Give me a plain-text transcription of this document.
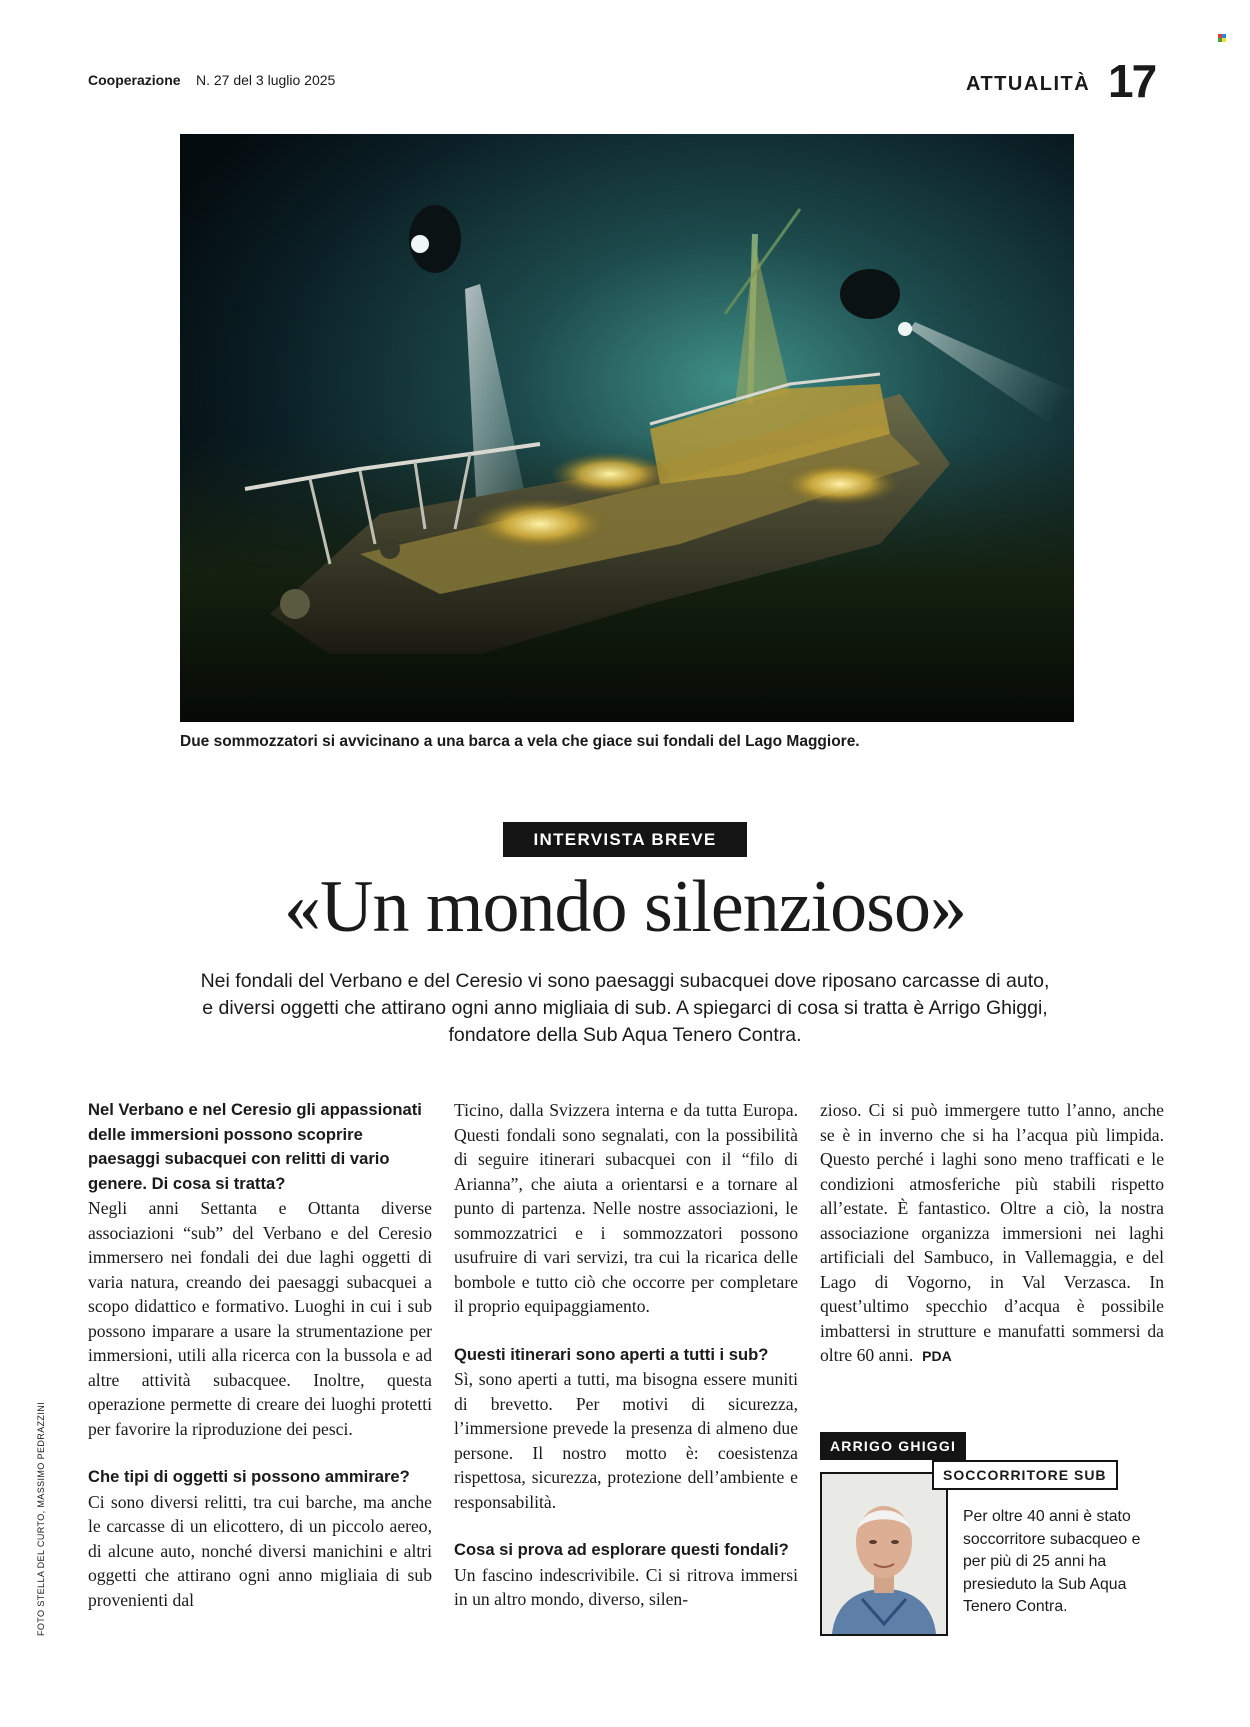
Cooperazione N. 27 del 3 luglio 2025	ATTUALITÀ 17
Due sommozzatori si avvicinano a una barca a vela che giace sui fondali del Lago Maggiore.
INTERVISTA BREVE
«Un mondo silenzioso»
Nei fondali del Verbano e del Ceresio vi sono paesaggi subacquei dove riposano carcasse di auto, e diversi oggetti che attirano ogni anno migliaia di sub. A spiegarci di cosa si tratta è Arrigo Ghiggi, fondatore della Sub Aqua Tenero Contra.

Nel Verbano e nel Ceresio gli appassionati delle immersioni possono scoprire paesaggi subacquei con relitti di vario genere. Di cosa si tratta?

Negli anni Settanta e Ottanta diverse associazioni “sub” del Verbano e del Ceresio immersero nei fondali dei due laghi oggetti di varia natura, creando dei paesaggi subacquei a scopo didattico e formativo. Luoghi in cui i sub possono imparare a usare la strumentazione per immersioni, utili alla ricerca con la bussola e ad altre attività subacquee. Inoltre, questa operazione permette di creare dei luoghi protetti per favorire la riproduzione dei pesci.

Che tipi di oggetti si possono ammirare?

Ci sono diversi relitti, tra cui barche, ma anche le carcasse di un elicottero, di un piccolo aereo, di alcune auto, nonché diversi manichini e altri oggetti che attirano ogni anno migliaia di sub provenienti dal

Ticino, dalla Svizzera interna e da tutta Europa. Questi fondali sono segnalati, con la possibilità di seguire itinerari subacquei con il “filo di Arianna”, che aiuta a orientarsi e a tornare al punto di partenza. Nelle nostre associazioni, le sommozzatrici e i sommozzatori possono usufruire di vari servizi, tra cui la ricarica delle bombole e tutto ciò che occorre per completare il proprio equipaggiamento.

Questi itinerari sono aperti a tutti i sub?

Sì, sono aperti a tutti, ma bisogna essere muniti di brevetto. Per motivi di sicurezza, l’immersione prevede la presenza di almeno due persone. Il nostro motto è: coesistenza rispettosa, sicurezza, protezione dell’ambiente e responsabilità.

Cosa si prova ad esplorare questi fondali?

Un fascino indescrivibile. Ci si ritrova immersi in un altro mondo, diverso, silen-

zioso. Ci si può immergere tutto l’anno, anche se è in inverno che si ha l’acqua più limpida. Questo perché i laghi sono meno trafficati e le condizioni atmosferiche più stabili rispetto all’estate. È fantastico. Oltre a ciò, la nostra associazione organizza immersioni nei laghi artificiali del Sambuco, in Vallemaggia, e del Lago di Vogorno, in Val Verzasca. In quest’ultimo specchio d’acqua è possibile imbattersi in strutture e manufatti sommersi da oltre 60 anni. PDA

FOTO STELLA DEL CURTO, MASSIMO PEDRAZZINI	ARRIGO GHIGGI
SOCCORRITORE SUB
Per oltre 40 anni è stato soccorritore subacqueo e per più di 25 anni ha presieduto la Sub Aqua Tenero Contra.
